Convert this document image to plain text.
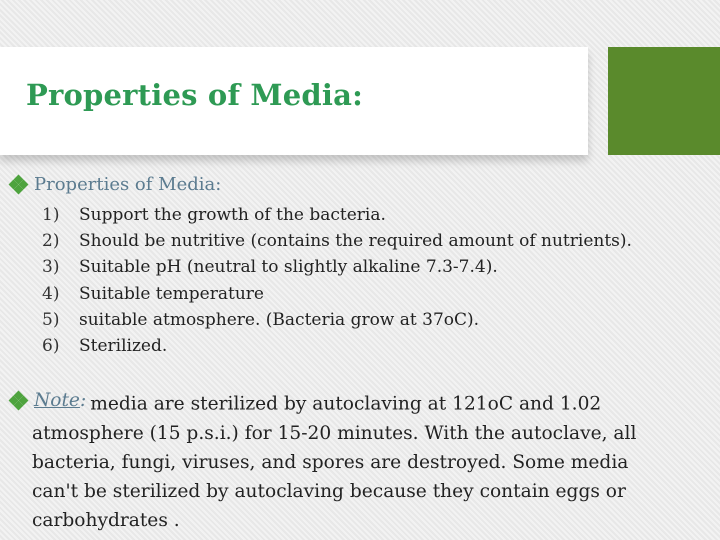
Properties of Media:
Properties of Media:
1)	Support the growth of the bacteria.
2)	Should be nutritive (contains the required amount of nutrients).
3)	Suitable pH (neutral to slightly alkaline 7.3-7.4).
4)	Suitable temperature
5)	suitable atmosphere. (Bacteria grow at 37oC).
6)	Sterilized.
Note : media are sterilized by autoclaving at 121oC and 1.02
atmosphere (15 p.s.i.) for 15-20 minutes. With the autoclave, all
bacteria, fungi, viruses, and spores are destroyed. Some media
can't be sterilized by autoclaving because they contain eggs or
carbohydrates .
